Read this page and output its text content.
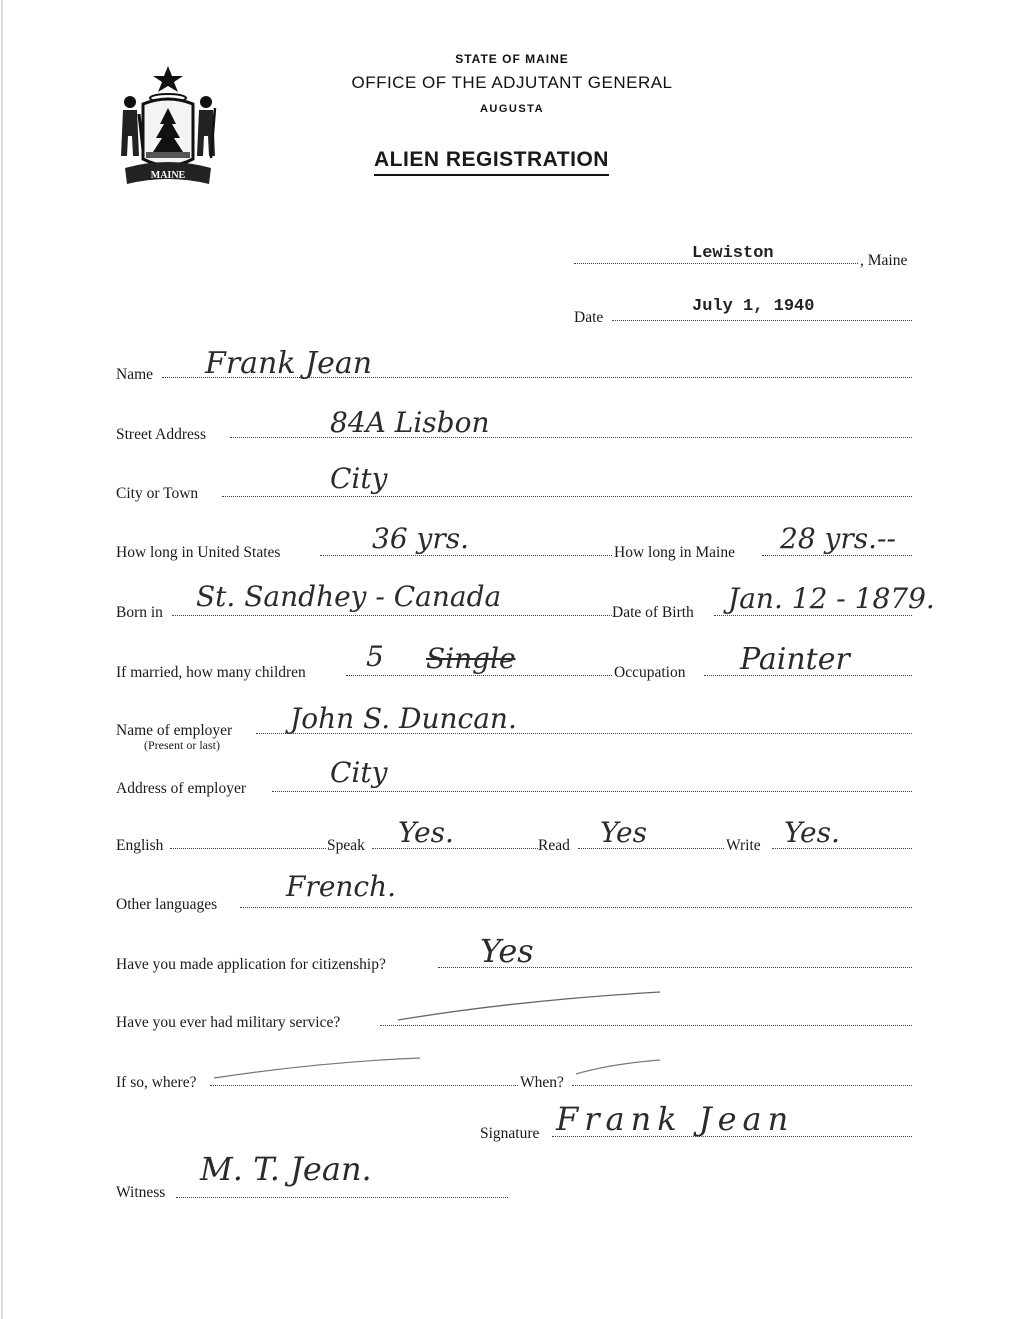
STATE OF MAINE
OFFICE OF THE ADJUTANT GENERAL
AUGUSTA
ALIEN REGISTRATION
MAINE
Lewiston	, Maine
Date
July 1, 1940
Name Frank Jean
Street Address	84A Lisbon
City or Town	City
How long in United States	36 yrs.	How long in Maine 28 yrs.--
Born in St. Sandhey - Canada	Date of Birth Jan. 12 - 1879.
If married, how many children 5 Single	Occupation Painter
Name of employer
(Present or last)
John S. Duncan.
Address of employer	City
English	Speak Yes.	Read Yes	Write Yes.
Other languages
French.
Have you made application for citizenship?	Yes
Have you ever had military service?
If so, where?	When?
Signature Frank Jean
Witness
M. T. Jean.
